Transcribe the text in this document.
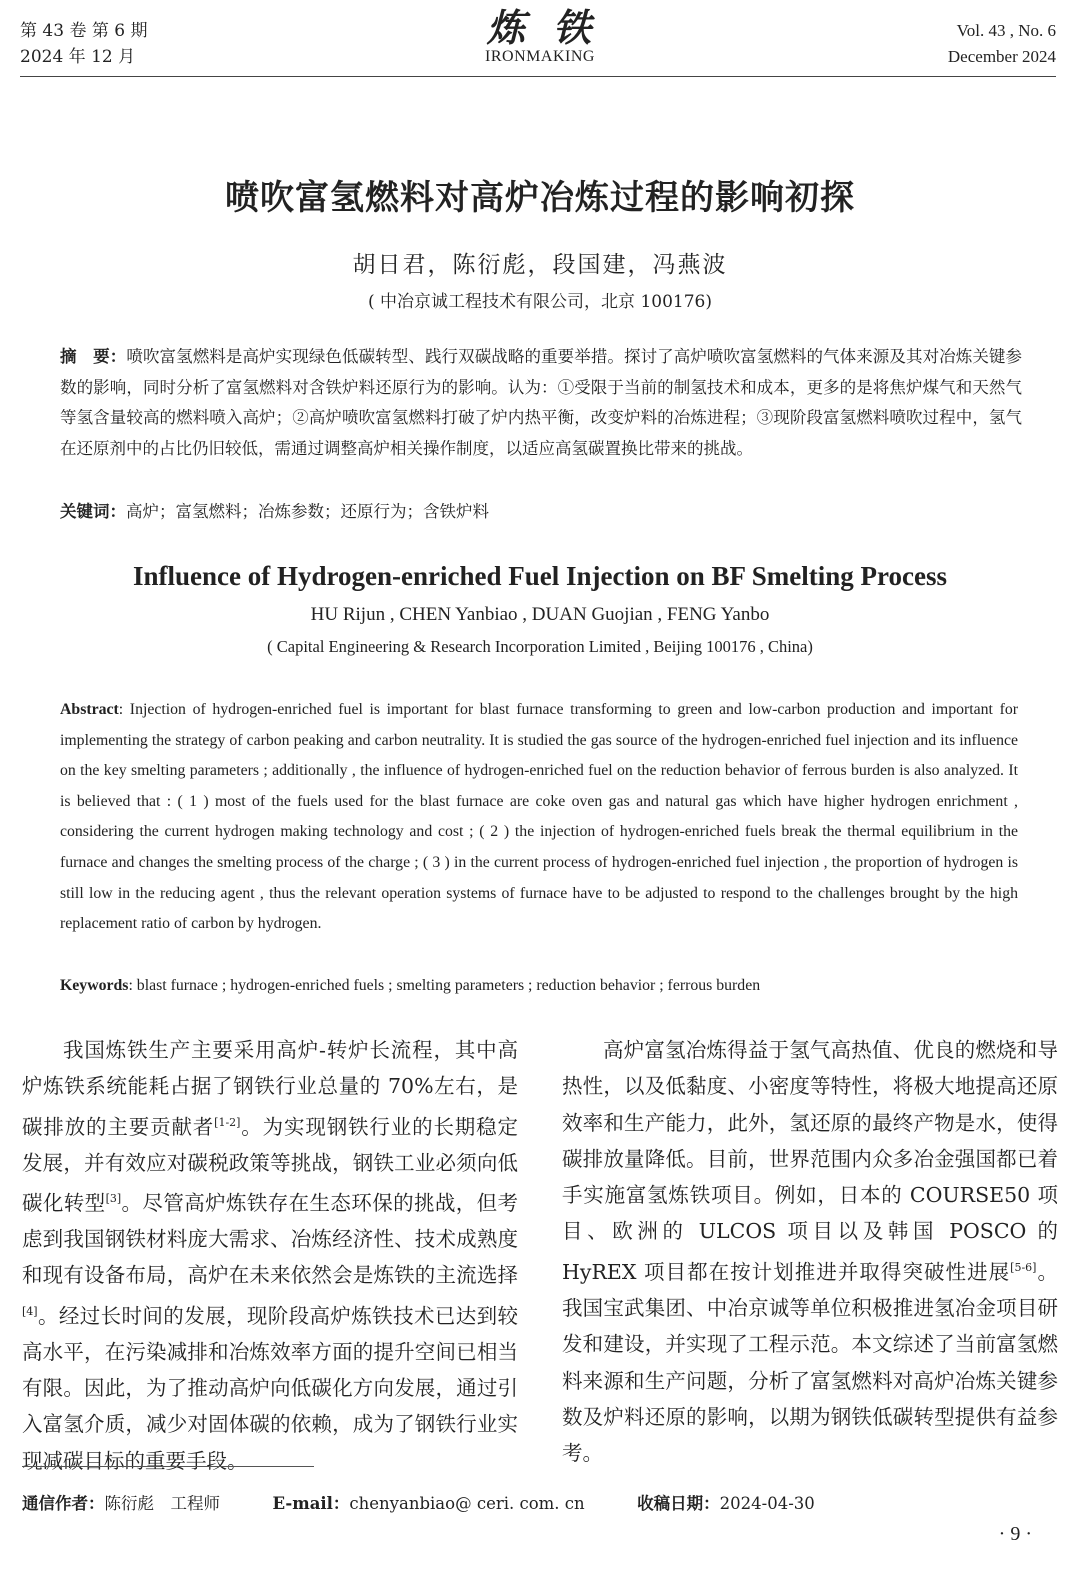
第 43 卷 第 6 期
2024 年 12 月
炼铁
IRONMAKING
Vol. 43 , No. 6
December 2024
喷吹富氢燃料对高炉冶炼过程的影响初探
胡日君，陈衍彪，段国建，冯燕波
( 中冶京诚工程技术有限公司，北京 100176)
摘　要：喷吹富氢燃料是高炉实现绿色低碳转型、践行双碳战略的重要举措。探讨了高炉喷吹富氢燃料的气体来源及其对冶炼关键参数的影响，同时分析了富氢燃料对含铁炉料还原行为的影响。认为：①受限于当前的制氢技术和成本，更多的是将焦炉煤气和天然气等氢含量较高的燃料喷入高炉；②高炉喷吹富氢燃料打破了炉内热平衡，改变炉料的冶炼进程；③现阶段富氢燃料喷吹过程中，氢气在还原剂中的占比仍旧较低，需通过调整高炉相关操作制度，以适应高氢碳置换比带来的挑战。
关键词：高炉；富氢燃料；冶炼参数；还原行为；含铁炉料
Influence of Hydrogen-enriched Fuel Injection on BF Smelting Process
HU Rijun , CHEN Yanbiao , DUAN Guojian , FENG Yanbo
( Capital Engineering & Research Incorporation Limited , Beijing 100176 , China)
Abstract: Injection of hydrogen-enriched fuel is important for blast furnace transforming to green and low-carbon production and important for implementing the strategy of carbon peaking and carbon neutrality. It is studied the gas source of the hydrogen-enriched fuel injection and its influence on the key smelting parameters ; additionally , the influence of hydrogen-enriched fuel on the reduction behavior of ferrous burden is also analyzed. It is believed that : ( 1 ) most of the fuels used for the blast furnace are coke oven gas and natural gas which have higher hydrogen enrichment , considering the current hydrogen making technology and cost ; ( 2 ) the injection of hydrogen-enriched fuels break the thermal equilibrium in the furnace and changes the smelting process of the charge ; ( 3 ) in the current process of hydrogen-enriched fuel injection , the proportion of hydrogen is still low in the reducing agent , thus the relevant operation systems of furnace have to be adjusted to respond to the challenges brought by the high replacement ratio of carbon by hydrogen.
Keywords: blast furnace ; hydrogen-enriched fuels ; smelting parameters ; reduction behavior ; ferrous burden

我国炼铁生产主要采用高炉-转炉长流程，其中高炉炼铁系统能耗占据了钢铁行业总量的 70%左右，是碳排放的主要贡献者[1-2]。为实现钢铁行业的长期稳定发展，并有效应对碳税政策等挑战，钢铁工业必须向低碳化转型[3]。尽管高炉炼铁存在生态环保的挑战，但考虑到我国钢铁材料庞大需求、冶炼经济性、技术成熟度和现有设备布局，高炉在未来依然会是炼铁的主流选择[4]。经过长时间的发展，现阶段高炉炼铁技术已达到较高水平，在污染减排和冶炼效率方面的提升空间已相当有限。因此，为了推动高炉向低碳化方向发展，通过引入富氢介质，减少对固体碳的依赖，成为了钢铁行业实现减碳目标的重要手段。

高炉富氢冶炼得益于氢气高热值、优良的燃烧和导热性，以及低黏度、小密度等特性，将极大地提高还原效率和生产能力，此外，氢还原的最终产物是水，使得碳排放量降低。目前，世界范围内众多冶金强国都已着手实施富氢炼铁项目。例如，日本的 COURSE50 项目、欧洲的 ULCOS 项目以及韩国 POSCO 的 HyREX 项目都在按计划推进并取得突破性进展[5-6]。我国宝武集团、中冶京诚等单位积极推进氢冶金项目研发和建设，并实现了工程示范。本文综述了当前富氢燃料来源和生产问题，分析了富氢燃料对高炉冶炼关键参数及炉料还原的影响，以期为钢铁低碳转型提供有益参考。

通信作者：陈衍彪　工程师	E-mail：chenyanbiao@ ceri. com. cn	收稿日期：2024-04-30
· 9 ·
